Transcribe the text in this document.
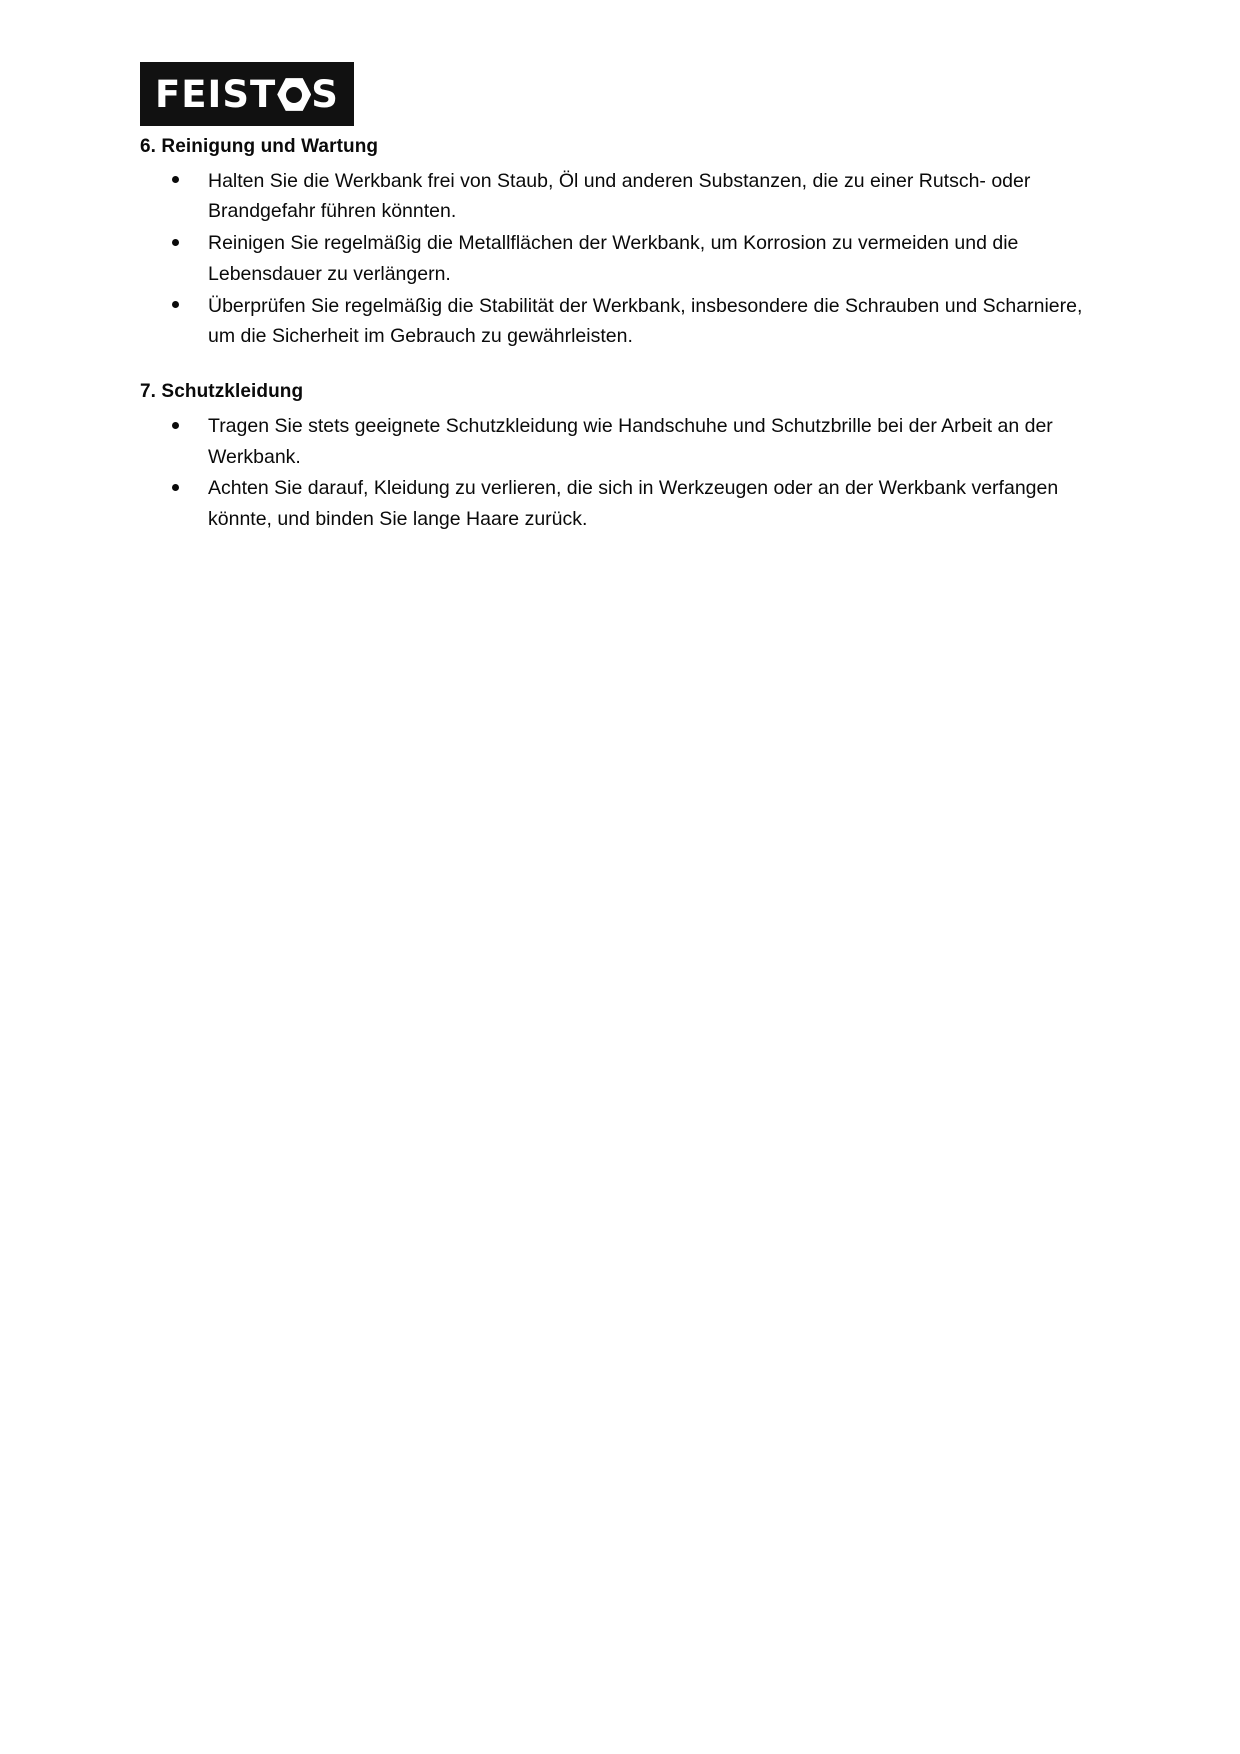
FEIST S
6. Reinigung und Wartung
Halten Sie die Werkbank frei von Staub, Öl und anderen Substanzen, die zu einer Rutsch- oder Brandgefahr führen könnten.
Reinigen Sie regelmäßig die Metallflächen der Werkbank, um Korrosion zu vermeiden und die Lebensdauer zu verlängern.
Überprüfen Sie regelmäßig die Stabilität der Werkbank, insbesondere die Schrauben und Scharniere, um die Sicherheit im Gebrauch zu gewährleisten.
7. Schutzkleidung
Tragen Sie stets geeignete Schutzkleidung wie Handschuhe und Schutzbrille bei der Arbeit an der Werkbank.
Achten Sie darauf, Kleidung zu verlieren, die sich in Werkzeugen oder an der Werkbank verfangen könnte, und binden Sie lange Haare zurück.
